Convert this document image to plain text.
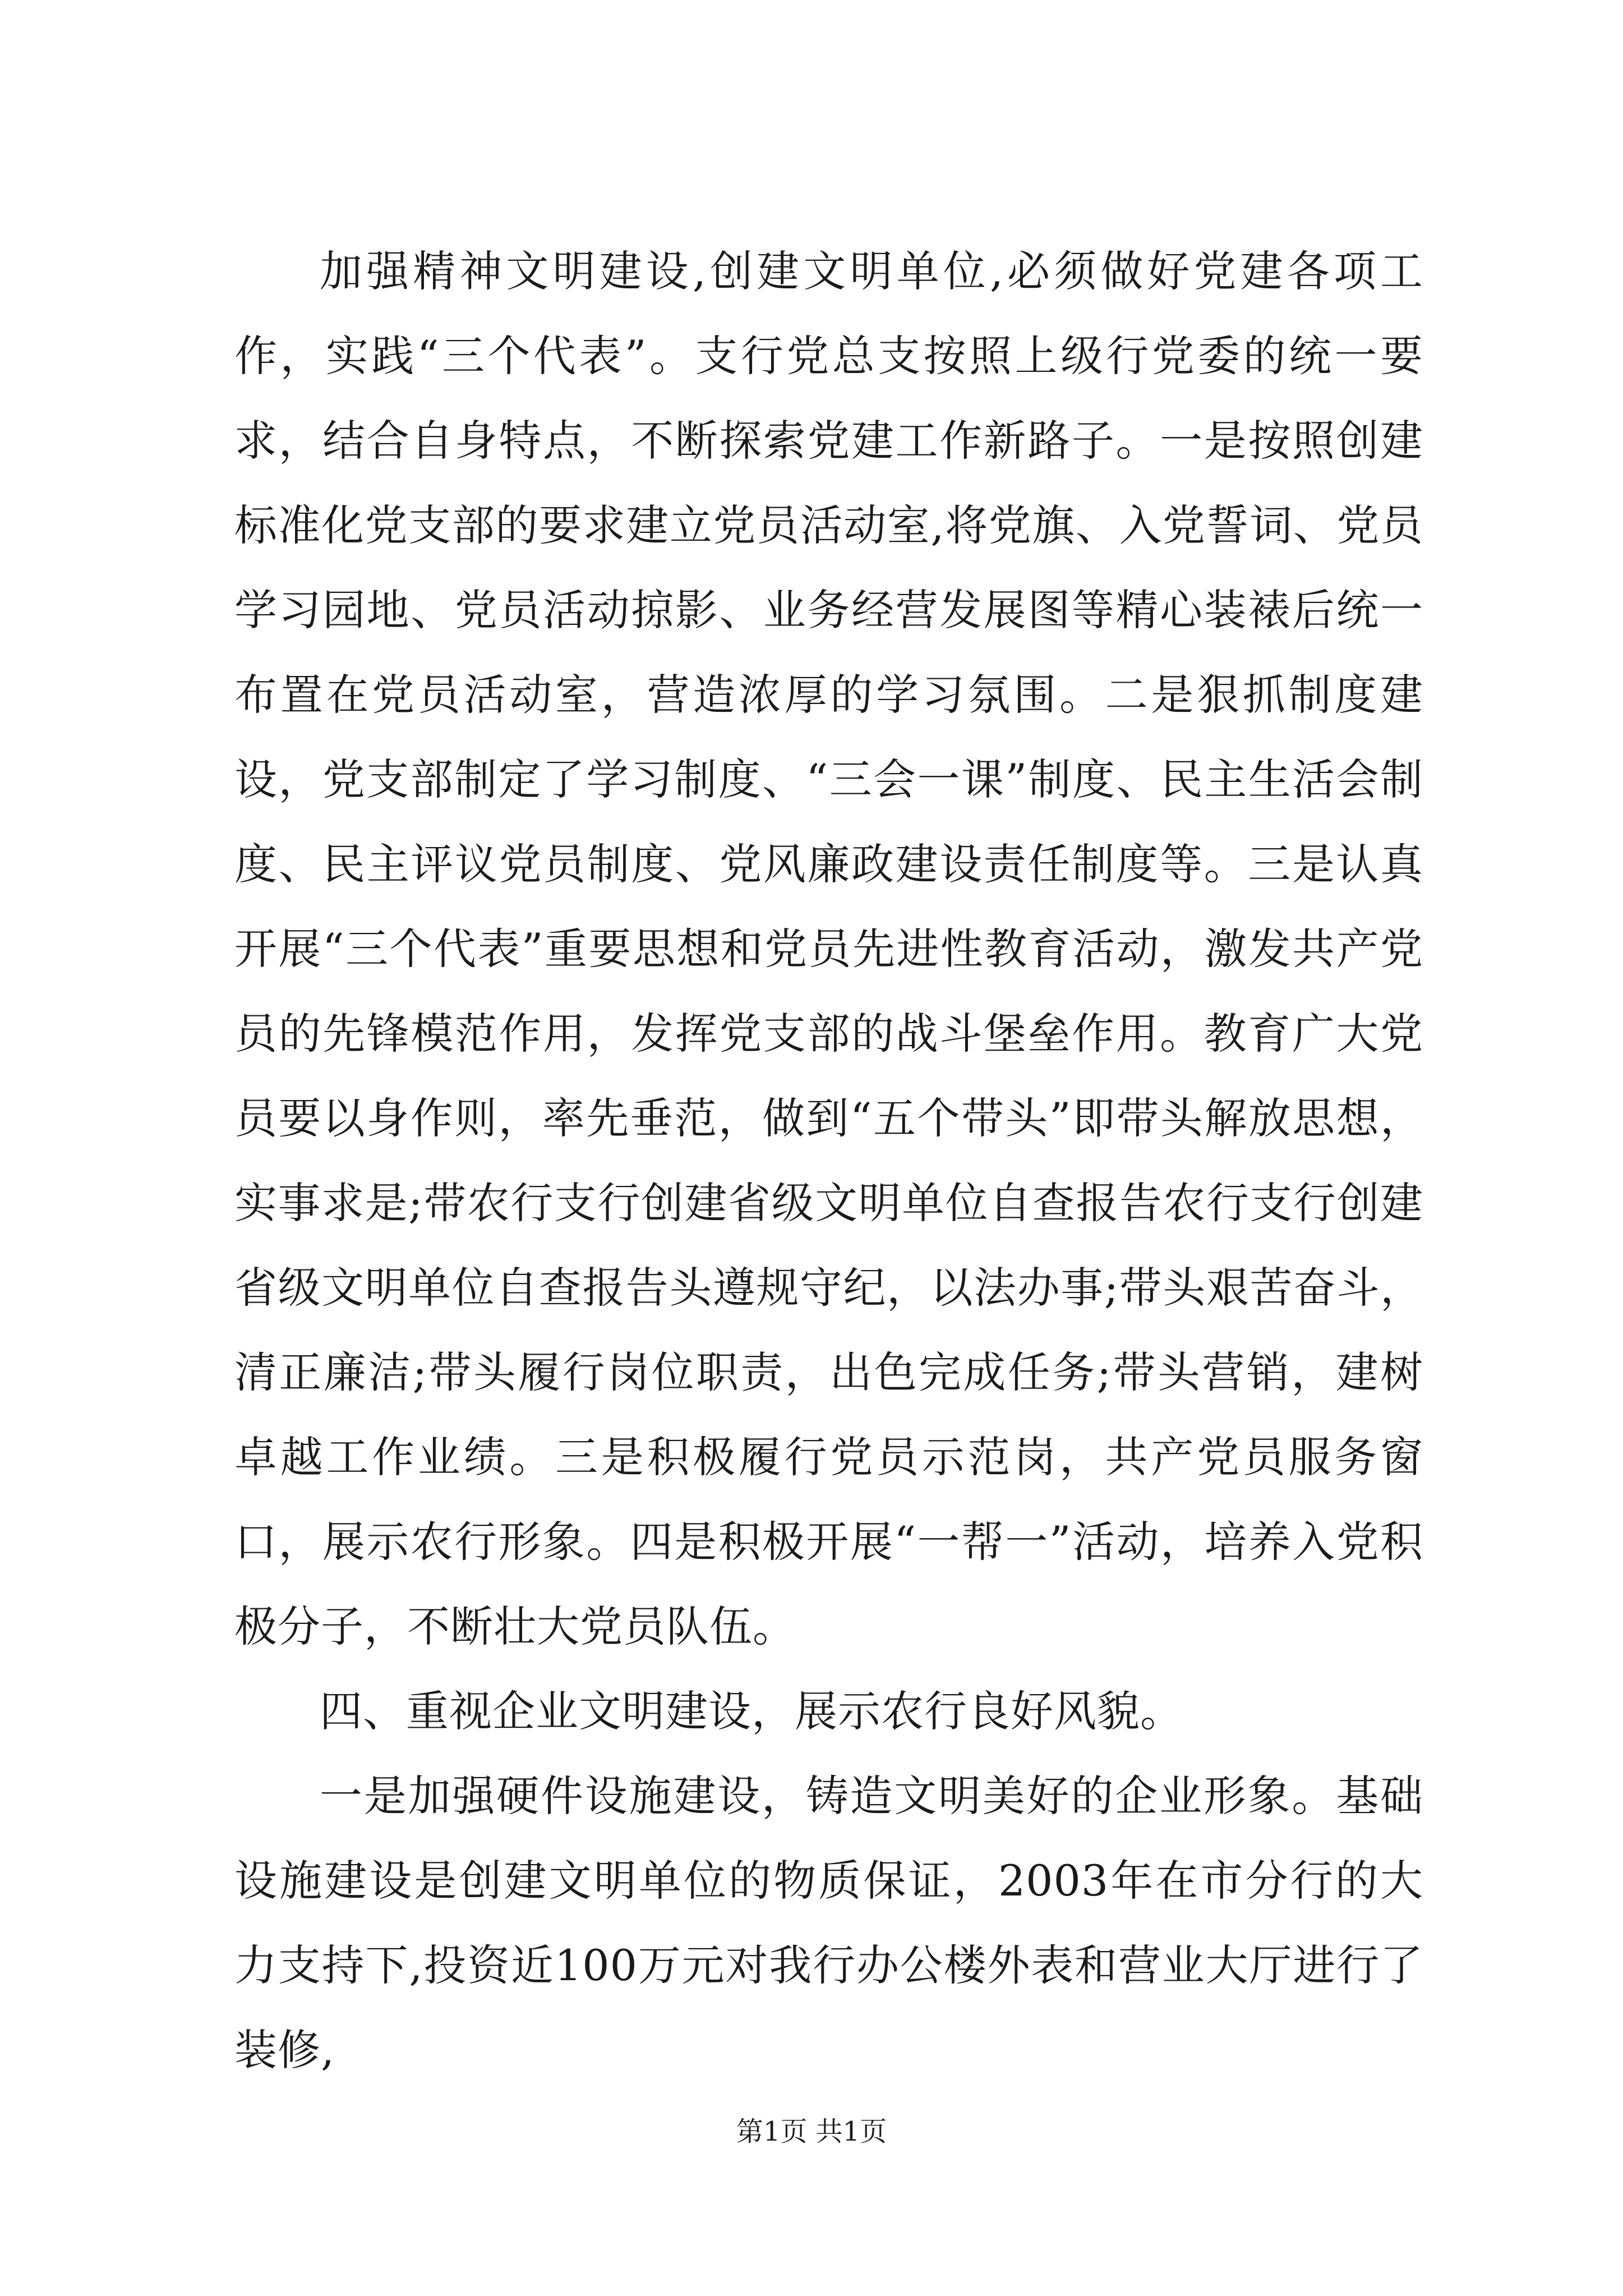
加强精神文明建设,创建文明单位,必须做好党建各项工作，实践“三个代表”。支行党总支按照上级行党委的统一要求，结合自身特点，不断探索党建工作新路子。一是按照创建标准化党支部的要求建立党员活动室,将党旗、入党誓词、党员学习园地、党员活动掠影、业务经营发展图等精心装裱后统一布置在党员活动室，营造浓厚的学习氛围。二是狠抓制度建设，党支部制定了学习制度、“三会一课”制度、民主生活会制度、民主评议党员制度、党风廉政建设责任制度等。三是认真开展“三个代表”重要思想和党员先进性教育活动，激发共产党员的先锋模范作用，发挥党支部的战斗堡垒作用。教育广大党员要以身作则，率先垂范，做到“五个带头”即带头解放思想，实事求是;带农行支行创建省级文明单位自查报告农行支行创建省级文明单位自查报告头遵规守纪，以法办事;带头艰苦奋斗，清正廉洁;带头履行岗位职责，出色完成任务;带头营销，建树卓越工作业绩。三是积极履行党员示范岗，共产党员服务窗口，展示农行形象。四是积极开展“一帮一”活动，培养入党积极分子，不断壮大党员队伍。

四、重视企业文明建设，展示农行良好风貌。

一是加强硬件设施建设，铸造文明美好的企业形象。基础设施建设是创建文明单位的物质保证，2003年在市分行的大力支持下,投资近100万元对我行办公楼外表和营业大厅进行了装修,

第1页 共1页
